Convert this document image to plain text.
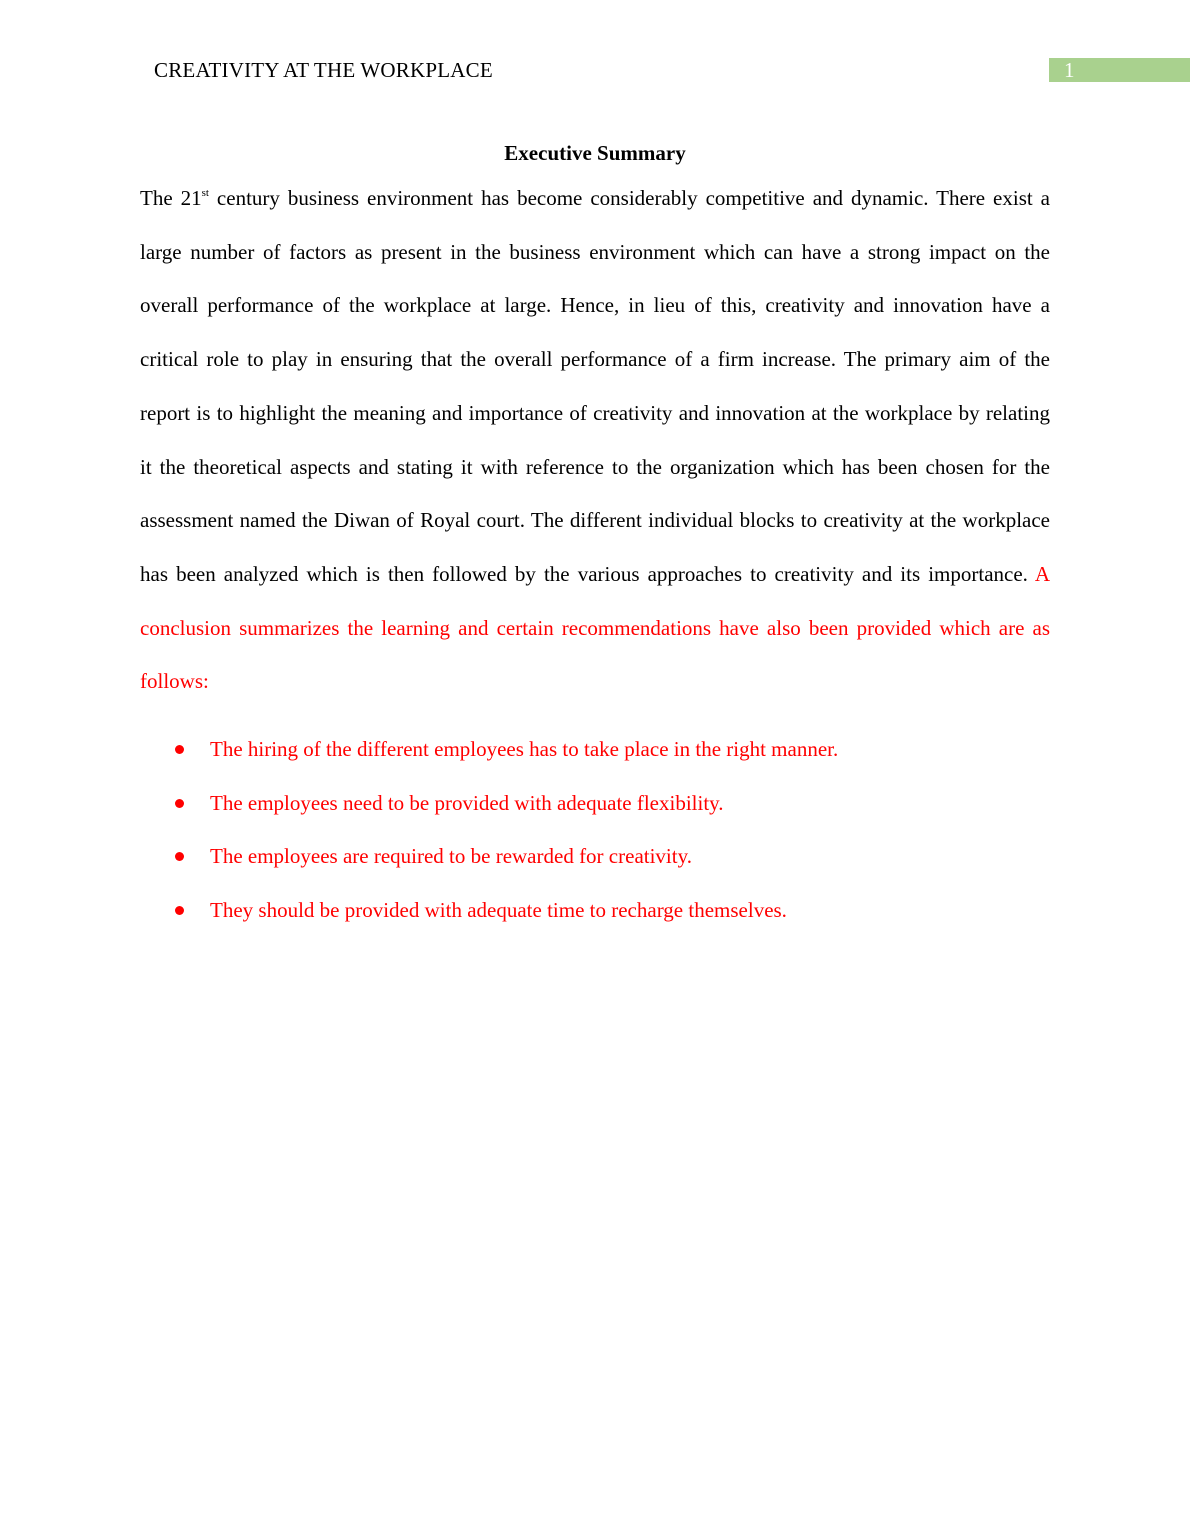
CREATIVITY AT THE WORKPLACE	1
Executive Summary

The 21st century business environment has become considerably competitive and dynamic. There exist a large number of factors as present in the business environment which can have a strong impact on the overall performance of the workplace at large. Hence, in lieu of this, creativity and innovation have a critical role to play in ensuring that the overall performance of a firm increase. The primary aim of the report is to highlight the meaning and importance of creativity and innovation at the workplace by relating it the theoretical aspects and stating it with reference to the organization which has been chosen for the assessment named the Diwan of Royal court. The different individual blocks to creativity at the workplace has been analyzed which is then followed by the various approaches to creativity and its importance. A conclusion summarizes the learning and certain recommendations have also been provided which are as follows:

The hiring of the different employees has to take place in the right manner.
The employees need to be provided with adequate flexibility.
The employees are required to be rewarded for creativity.
They should be provided with adequate time to recharge themselves.
